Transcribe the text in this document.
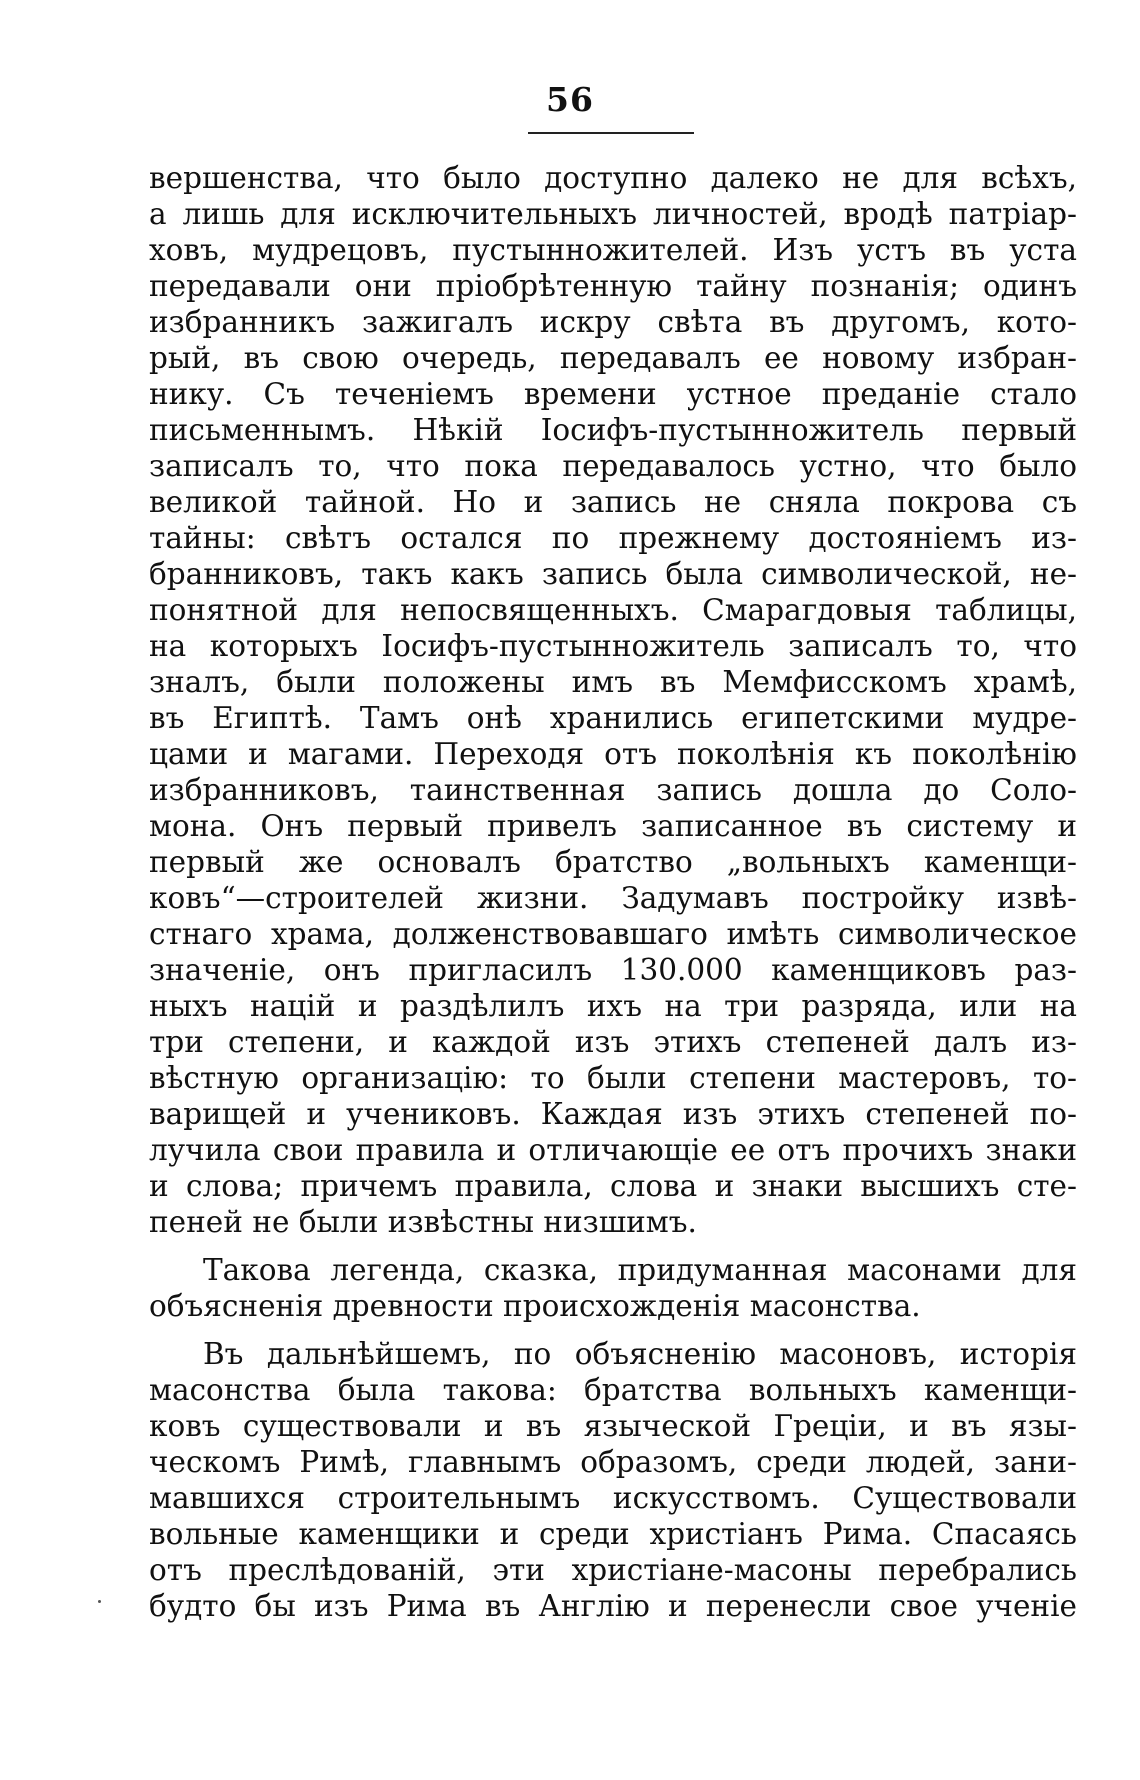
56
вершенства, что было доступно далеко не для всѣхъ,
а лишь для исключительныхъ личностей, вродѣ патріар-
ховъ, мудрецовъ, пустынножителей. Изъ устъ въ уста
передавали они пріобрѣтенную тайну познанія; одинъ
избранникъ зажигалъ искру свѣта въ другомъ, кото-
рый, въ свою очередь, передавалъ ее новому избран-
нику. Съ теченіемъ времени устное преданіе стало
письменнымъ. Нѣкій Іосифъ-пустынножитель первый
записалъ то, что пока передавалось устно, что было
великой тайной. Но и запись не сняла покрова съ
тайны: свѣтъ остался по прежнему достояніемъ из-
бранниковъ, такъ какъ запись была символической, не-
понятной для непосвященныхъ. Смарагдовыя таблицы,
на которыхъ Іосифъ-пустынножитель записалъ то, что
зналъ, были положены имъ въ Мемфисскомъ храмѣ,
въ Египтѣ. Тамъ онѣ хранились египетскими мудре-
цами и магами. Переходя отъ поколѣнія къ поколѣнію
избранниковъ, таинственная запись дошла до Соло-
мона. Онъ первый привелъ записанное въ систему и
первый же основалъ братство „вольныхъ каменщи-
ковъ“—строителей жизни. Задумавъ постройку извѣ-
стнаго храма, долженствовавшаго имѣть символическое
значеніе, онъ пригласилъ 130.000 каменщиковъ раз-
ныхъ націй и раздѣлилъ ихъ на три разряда, или на
три степени, и каждой изъ этихъ степеней далъ из-
вѣстную организацію: то были степени мастеровъ, то-
варищей и учениковъ. Каждая изъ этихъ степеней по-
лучила свои правила и отличающіе ее отъ прочихъ знаки
и слова; причемъ правила, слова и знаки высшихъ сте-
пеней не были извѣстны низшимъ.
Такова легенда, сказка, придуманная масонами для
объясненія древности происхожденія масонства.
Въ дальнѣйшемъ, по объясненію масоновъ, исторія
масонства была такова: братства вольныхъ каменщи-
ковъ существовали и въ языческой Греціи, и въ язы-
ческомъ Римѣ, главнымъ образомъ, среди людей, зани-
мавшихся строительнымъ искусствомъ. Существовали
вольные каменщики и среди христіанъ Рима. Спасаясь
отъ преслѣдованій, эти христіане-масоны перебрались
будто бы изъ Рима въ Англію и перенесли свое ученіе
